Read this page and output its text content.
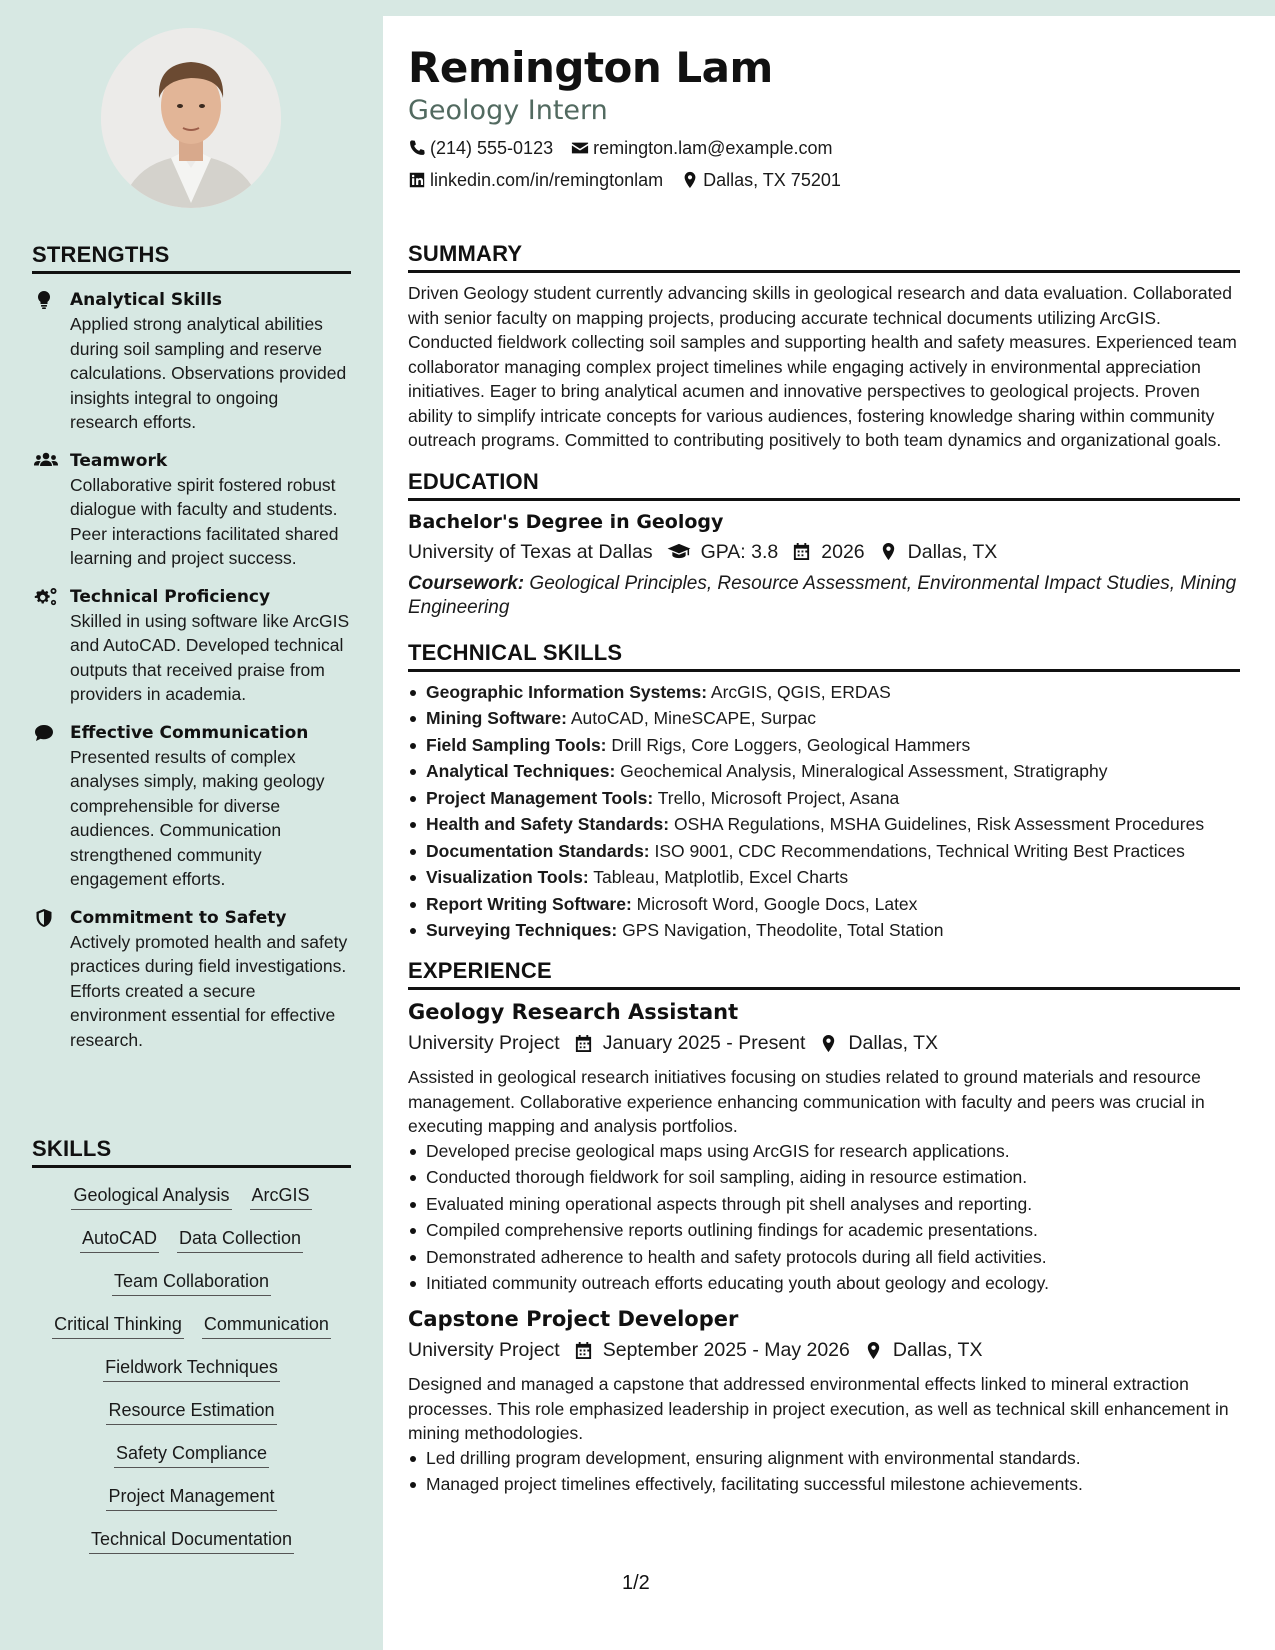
STRENGTHS
Analytical Skills
Applied strong analytical abilities during soil sampling and reserve calculations. Observations provided insights integral to ongoing research efforts.
Teamwork
Collaborative spirit fostered robust dialogue with faculty and students. Peer interactions facilitated shared learning and project success.
Technical Proficiency
Skilled in using software like ArcGIS and AutoCAD. Developed technical outputs that received praise from providers in academia.
Effective Communication
Presented results of complex analyses simply, making geology comprehensible for diverse audiences. Communication strengthened community engagement efforts.
Commitment to Safety
Actively promoted health and safety practices during field investigations. Efforts created a secure environment essential for effective research.
SKILLS
Geological Analysis ArcGIS
AutoCAD Data Collection
Team Collaboration
Critical Thinking Communication
Fieldwork Techniques
Resource Estimation
Safety Compliance
Project Management
Technical Documentation
Remington Lam
Geology Intern
(214) 555-0123 remington.lam@example.com
linkedin.com/in/remingtonlam Dallas, TX 75201
SUMMARY
Driven Geology student currently advancing skills in geological research and data evaluation. Collaborated with senior faculty on mapping projects, producing accurate technical documents utilizing ArcGIS. Conducted fieldwork collecting soil samples and supporting health and safety measures. Experienced team collaborator managing complex project timelines while engaging actively in environmental appreciation initiatives. Eager to bring analytical acumen and innovative perspectives to geological projects. Proven ability to simplify intricate concepts for various audiences, fostering knowledge sharing within community outreach programs. Committed to contributing positively to both team dynamics and organizational goals.
EDUCATION
Bachelor's Degree in Geology
University of Texas at Dallas GPA: 3.8 2026 Dallas, TX
Coursework: Geological Principles, Resource Assessment, Environmental Impact Studies, Mining Engineering
TECHNICAL SKILLS
Geographic Information Systems: ArcGIS, QGIS, ERDAS
Mining Software: AutoCAD, MineSCAPE, Surpac
Field Sampling Tools: Drill Rigs, Core Loggers, Geological Hammers
Analytical Techniques: Geochemical Analysis, Mineralogical Assessment, Stratigraphy
Project Management Tools: Trello, Microsoft Project, Asana
Health and Safety Standards: OSHA Regulations, MSHA Guidelines, Risk Assessment Procedures
Documentation Standards: ISO 9001, CDC Recommendations, Technical Writing Best Practices
Visualization Tools: Tableau, Matplotlib, Excel Charts
Report Writing Software: Microsoft Word, Google Docs, Latex
Surveying Techniques: GPS Navigation, Theodolite, Total Station
EXPERIENCE
Geology Research Assistant
University Project January 2025 - Present Dallas, TX
Assisted in geological research initiatives focusing on studies related to ground materials and resource management. Collaborative experience enhancing communication with faculty and peers was crucial in executing mapping and analysis portfolios.
Developed precise geological maps using ArcGIS for research applications.
Conducted thorough fieldwork for soil sampling, aiding in resource estimation.
Evaluated mining operational aspects through pit shell analyses and reporting.
Compiled comprehensive reports outlining findings for academic presentations.
Demonstrated adherence to health and safety protocols during all field activities.
Initiated community outreach efforts educating youth about geology and ecology.
Capstone Project Developer
University Project September 2025 - May 2026 Dallas, TX
Designed and managed a capstone that addressed environmental effects linked to mineral extraction processes. This role emphasized leadership in project execution, as well as technical skill enhancement in mining methodologies.
Led drilling program development, ensuring alignment with environmental standards.
Managed project timelines effectively, facilitating successful milestone achievements.
1/2
